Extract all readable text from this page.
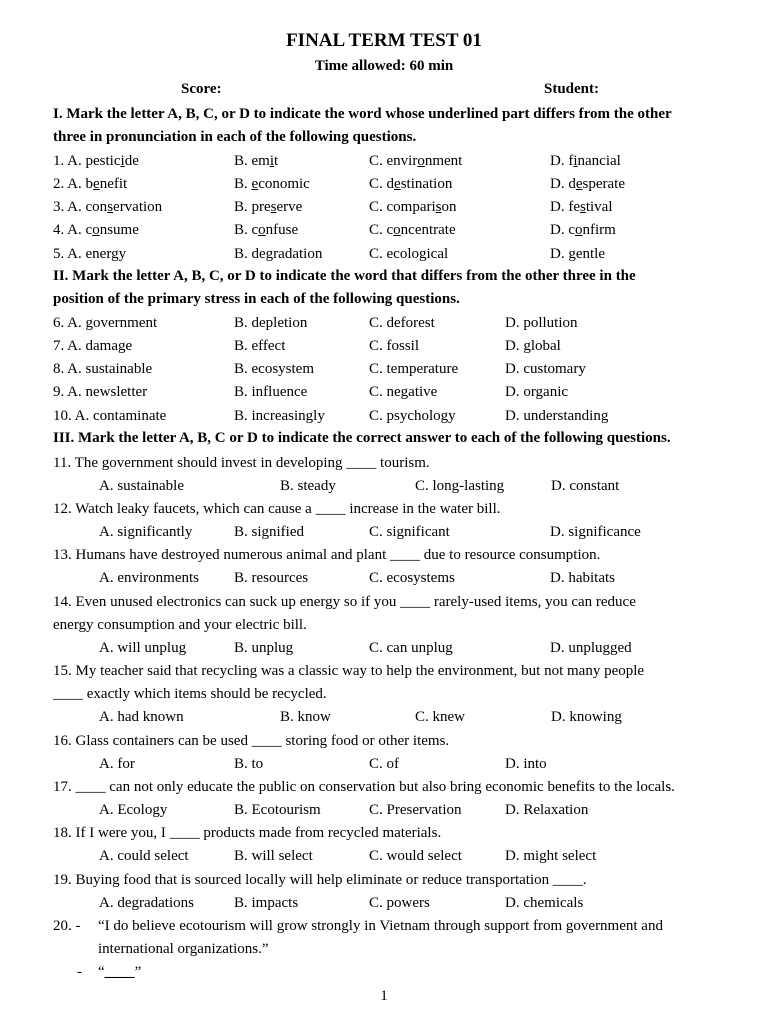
FINAL TERM TEST 01
Time allowed: 60 min
Score:	Student:
I. Mark the letter A, B, C, or D to indicate the word whose underlined part differs from the other
three in pronunciation in each of the following questions.
1. A. pesticide	B. emit	C. environment	D. financial
2. A. benefit	B. economic	C. destination	D. desperate
3. A. conservation	B. preserve	C. comparison	D. festival
4. A. consume	B. confuse	C. concentrate	D. confirm
5. A. energy	B. degradation	C. ecological	D. gentle
II. Mark the letter A, B, C, or D to indicate the word that differs from the other three in the
position of the primary stress in each of the following questions.
6. A. government	B. depletion	C. deforest	D. pollution
7. A. damage	B. effect	C. fossil	D. global
8. A. sustainable	B. ecosystem	C. temperature	D. customary
9. A. newsletter	B. influence	C. negative	D. organic
10. A. contaminate	B. increasingly	C. psychology	D. understanding
III. Mark the letter A, B, C or D to indicate the correct answer to each of the following questions.
11. The government should invest in developing ____ tourism.
A. sustainable	B. steady	C. long-lasting	D. constant
12. Watch leaky faucets, which can cause a ____ increase in the water bill.
A. significantly	B. signified	C. significant	D. significance
13. Humans have destroyed numerous animal and plant ____ due to resource consumption.
A. environments B. resources	C. ecosystems	D. habitats
14. Even unused electronics can suck up energy so if you ____ rarely-used items, you can reduce
energy consumption and your electric bill.
A. will unplug	B. unplug	C. can unplug	D. unplugged
15. My teacher said that recycling was a classic way to help the environment, but not many people
____ exactly which items should be recycled.
A. had known	B. know	C. knew	D. knowing
16. Glass containers can be used ____ storing food or other items.
A. for	B. to	C. of	D. into
17. ____ can not only educate the public on conservation but also bring economic benefits to the locals.
A. Ecology	B. Ecotourism	C. Preservation	D. Relaxation
18. If I were you, I ____ products made from recycled materials.
A. could select	B. will select	C. would select	D. might select
19. Buying food that is sourced locally will help eliminate or reduce transportation ____.
A. degradations	B. impacts	C. powers	D. chemicals
20. - “I do believe ecotourism will grow strongly in Vietnam through support from government and
international organizations.”
- “____”
1
